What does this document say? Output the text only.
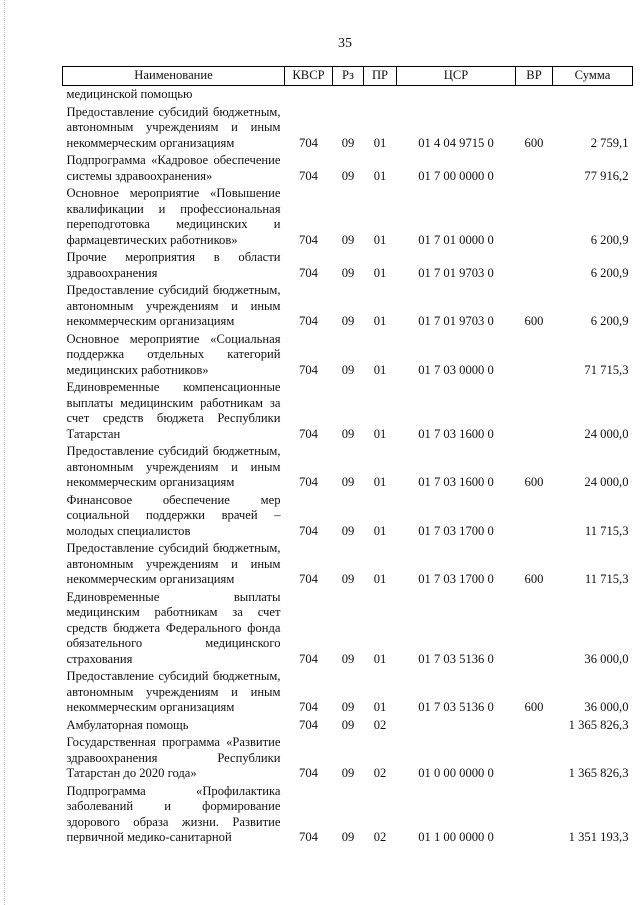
35
Наименование	КВСР	Рз	ПР	ЦСР	ВР	Сумма
медицинской помощью						
Предоставление субсидий бюджетным, автономным учреждениям и иным некоммерческим организациям	704	09	01	01 4 04 9715 0	600	2 759,1
Подпрограмма «Кадровое обеспечение системы здравоохранения»	704	09	01	01 7 00 0000 0		77 916,2
Основное мероприятие «Повышение квалификации и профессиональная переподготовка медицинских и фармацевтических работников»	704	09	01	01 7 01 0000 0		6 200,9
Прочие мероприятия в области здравоохранения	704	09	01	01 7 01 9703 0		6 200,9
Предоставление субсидий бюджетным, автономным учреждениям и иным некоммерческим организациям	704	09	01	01 7 01 9703 0	600	6 200,9
Основное мероприятие «Социальная поддержка отдельных категорий медицинских работников»	704	09	01	01 7 03 0000 0		71 715,3
Единовременные компенсационные выплаты медицинским работникам за счет средств бюджета Республики Татарстан	704	09	01	01 7 03 1600 0		24 000,0
Предоставление субсидий бюджетным, автономным учреждениям и иным некоммерческим организациям	704	09	01	01 7 03 1600 0	600	24 000,0
Финансовое обеспечение мер социальной поддержки врачей – молодых специалистов	704	09	01	01 7 03 1700 0		11 715,3
Предоставление субсидий бюджетным, автономным учреждениям и иным некоммерческим организациям	704	09	01	01 7 03 1700 0	600	11 715,3
Единовременные выплаты медицинским работникам за счет средств бюджета Федерального фонда обязательного медицинского страхования	704	09	01	01 7 03 5136 0		36 000,0
Предоставление субсидий бюджетным, автономным учреждениям и иным некоммерческим организациям	704	09	01	01 7 03 5136 0	600	36 000,0
Амбулаторная помощь	704	09	02			1 365 826,3
Государственная программа «Развитие здравоохранения Республики Татарстан до 2020 года»	704	09	02	01 0 00 0000 0		1 365 826,3
Подпрограмма «Профилактика заболеваний и формирование здорового образа жизни. Развитие первичной медико-санитарной	704	09	02	01 1 00 0000 0		1 351 193,3
